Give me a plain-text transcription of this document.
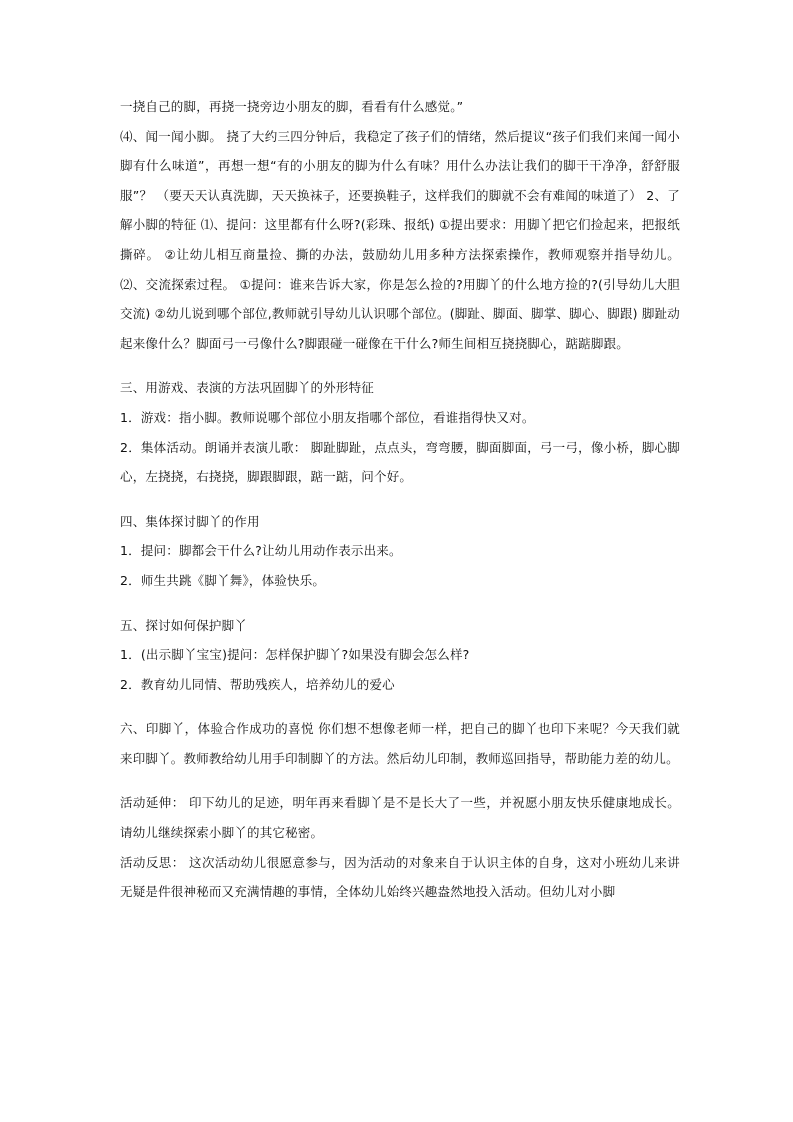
一挠自己的脚，再挠一挠旁边小朋友的脚，看看有什么感觉。”

⑷、闻一闻小脚。 挠了大约三四分钟后，我稳定了孩子们的情绪，然后提议“孩子们我们来闻一闻小脚有什么味道”，再想一想“有的小朋友的脚为什么有味？用什么办法让我们的脚干干净净，舒舒服服”？ （要天天认真洗脚，天天换袜子，还要换鞋子，这样我们的脚就不会有难闻的味道了） 2、了解小脚的特征 ⑴、提问：这里都有什么呀?(彩珠、报纸) ①提出要求：用脚丫把它们捡起来，把报纸撕碎。 ②让幼儿相互商量捡、撕的办法，鼓励幼儿用多种方法探索操作，教师观察并指导幼儿。 ⑵、交流探索过程。 ①提问：谁来告诉大家，你是怎么捡的?用脚丫的什么地方捡的?(引导幼儿大胆交流) ②幼儿说到哪个部位,教师就引导幼儿认识哪个部位。(脚趾、脚面、脚掌、脚心、脚跟) 脚趾动起来像什么？脚面弓一弓像什么?脚跟碰一碰像在干什么?师生间相互挠挠脚心，踮踮脚跟。

三、用游戏、表演的方法巩固脚丫的外形特征

1．游戏：指小脚。教师说哪个部位小朋友指哪个部位，看谁指得快又对。

2．集体活动。朗诵并表演儿歌： 脚趾脚趾，点点头，弯弯腰，脚面脚面，弓一弓，像小桥，脚心脚心，左挠挠，右挠挠，脚跟脚跟，踮一踮，问个好。

四、集体探讨脚丫的作用

1．提问：脚都会干什么?让幼儿用动作表示出来。

2．师生共跳《脚丫舞》，体验快乐。

五、探讨如何保护脚丫

1．(出示脚丫宝宝)提问：怎样保护脚丫?如果没有脚会怎么样?

2．教育幼儿同情、帮助残疾人，培养幼儿的爱心

六、印脚丫，体验合作成功的喜悦 你们想不想像老师一样，把自己的脚丫也印下来呢？今天我们就来印脚丫。教师教给幼儿用手印制脚丫的方法。然后幼儿印制，教师巡回指导，帮助能力差的幼儿。

活动延伸： 印下幼儿的足迹，明年再来看脚丫是不是长大了一些，并祝愿小朋友快乐健康地成长。请幼儿继续探索小脚丫的其它秘密。

活动反思： 这次活动幼儿很愿意参与，因为活动的对象来自于认识主体的自身，这对小班幼儿来讲无疑是件很神秘而又充满情趣的事情，全体幼儿始终兴趣盎然地投入活动。但幼儿对小脚
